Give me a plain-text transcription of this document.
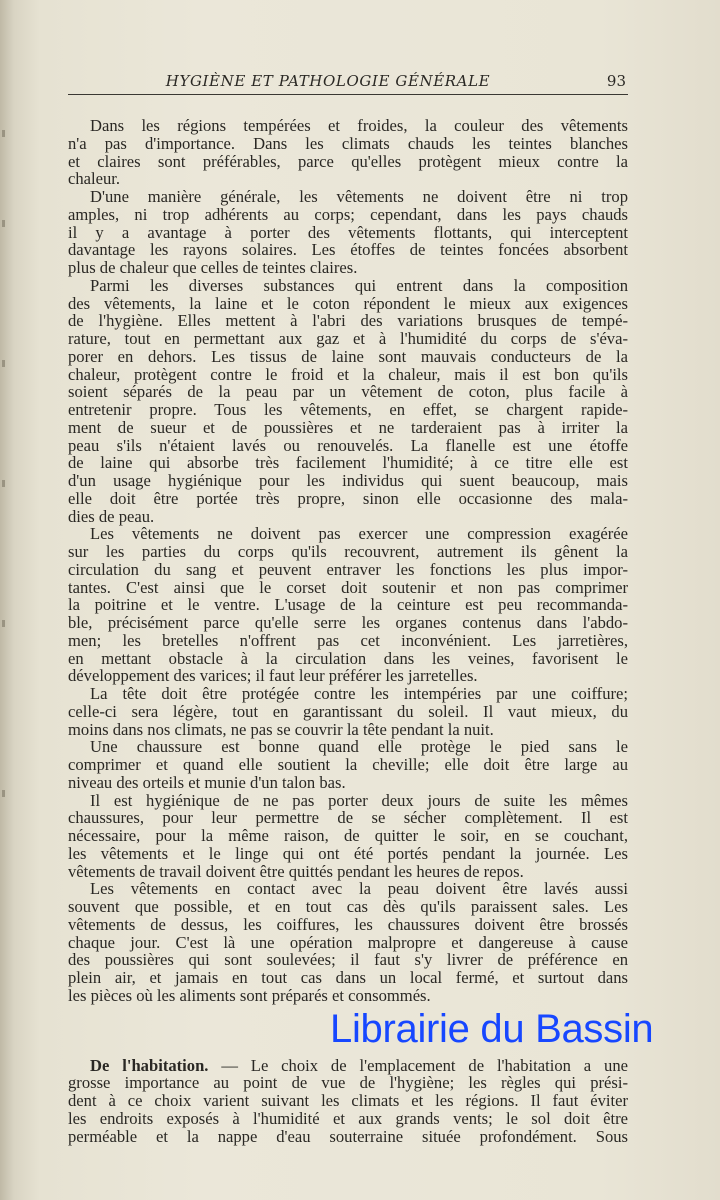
HYGIÈNE ET PATHOLOGIE GÉNÉRALE	93
Dans les régions tempérées et froides, la couleur des vêtements
n'a pas d'importance. Dans les climats chauds les teintes blanches
et claires sont préférables, parce qu'elles protègent mieux contre la
chaleur.
D'une manière générale, les vêtements ne doivent être ni trop
amples, ni trop adhérents au corps; cependant, dans les pays chauds
il y a avantage à porter des vêtements flottants, qui interceptent
davantage les rayons solaires. Les étoffes de teintes foncées absorbent
plus de chaleur que celles de teintes claires.
Parmi les diverses substances qui entrent dans la composition
des vêtements, la laine et le coton répondent le mieux aux exigences
de l'hygiène. Elles mettent à l'abri des variations brusques de tempé-
rature, tout en permettant aux gaz et à l'humidité du corps de s'éva-
porer en dehors. Les tissus de laine sont mauvais conducteurs de la
chaleur, protègent contre le froid et la chaleur, mais il est bon qu'ils
soient séparés de la peau par un vêtement de coton, plus facile à
entretenir propre. Tous les vêtements, en effet, se chargent rapide-
ment de sueur et de poussières et ne tarderaient pas à irriter la
peau s'ils n'étaient lavés ou renouvelés. La flanelle est une étoffe
de laine qui absorbe très facilement l'humidité; à ce titre elle est
d'un usage hygiénique pour les individus qui suent beaucoup, mais
elle doit être portée très propre, sinon elle occasionne des mala-
dies de peau.
Les vêtements ne doivent pas exercer une compression exagérée
sur les parties du corps qu'ils recouvrent, autrement ils gênent la
circulation du sang et peuvent entraver les fonctions les plus impor-
tantes. C'est ainsi que le corset doit soutenir et non pas comprimer
la poitrine et le ventre. L'usage de la ceinture est peu recommanda-
ble, précisément parce qu'elle serre les organes contenus dans l'abdo-
men; les bretelles n'offrent pas cet inconvénient. Les jarretières,
en mettant obstacle à la circulation dans les veines, favorisent le
développement des varices; il faut leur préférer les jarretelles.
La tête doit être protégée contre les intempéries par une coiffure;
celle-ci sera légère, tout en garantissant du soleil. Il vaut mieux, du
moins dans nos climats, ne pas se couvrir la tête pendant la nuit.
Une chaussure est bonne quand elle protège le pied sans le
comprimer et quand elle soutient la cheville; elle doit être large au
niveau des orteils et munie d'un talon bas.
Il est hygiénique de ne pas porter deux jours de suite les mêmes
chaussures, pour leur permettre de se sécher complètement. Il est
nécessaire, pour la même raison, de quitter le soir, en se couchant,
les vêtements et le linge qui ont été portés pendant la journée. Les
vêtements de travail doivent être quittés pendant les heures de repos.
Les vêtements en contact avec la peau doivent être lavés aussi
souvent que possible, et en tout cas dès qu'ils paraissent sales. Les
vêtements de dessus, les coiffures, les chaussures doivent être brossés
chaque jour. C'est là une opération malpropre et dangereuse à cause
des poussières qui sont soulevées; il faut s'y livrer de préférence en
plein air, et jamais en tout cas dans un local fermé, et surtout dans
les pièces où les aliments sont préparés et consommés.
De l'habitation. — Le choix de l'emplacement de l'habitation a une
grosse importance au point de vue de l'hygiène; les règles qui prési-
dent à ce choix varient suivant les climats et les régions. Il faut éviter
les endroits exposés à l'humidité et aux grands vents; le sol doit être
perméable et la nappe d'eau souterraine située profondément. Sous
Librairie du Bassin
